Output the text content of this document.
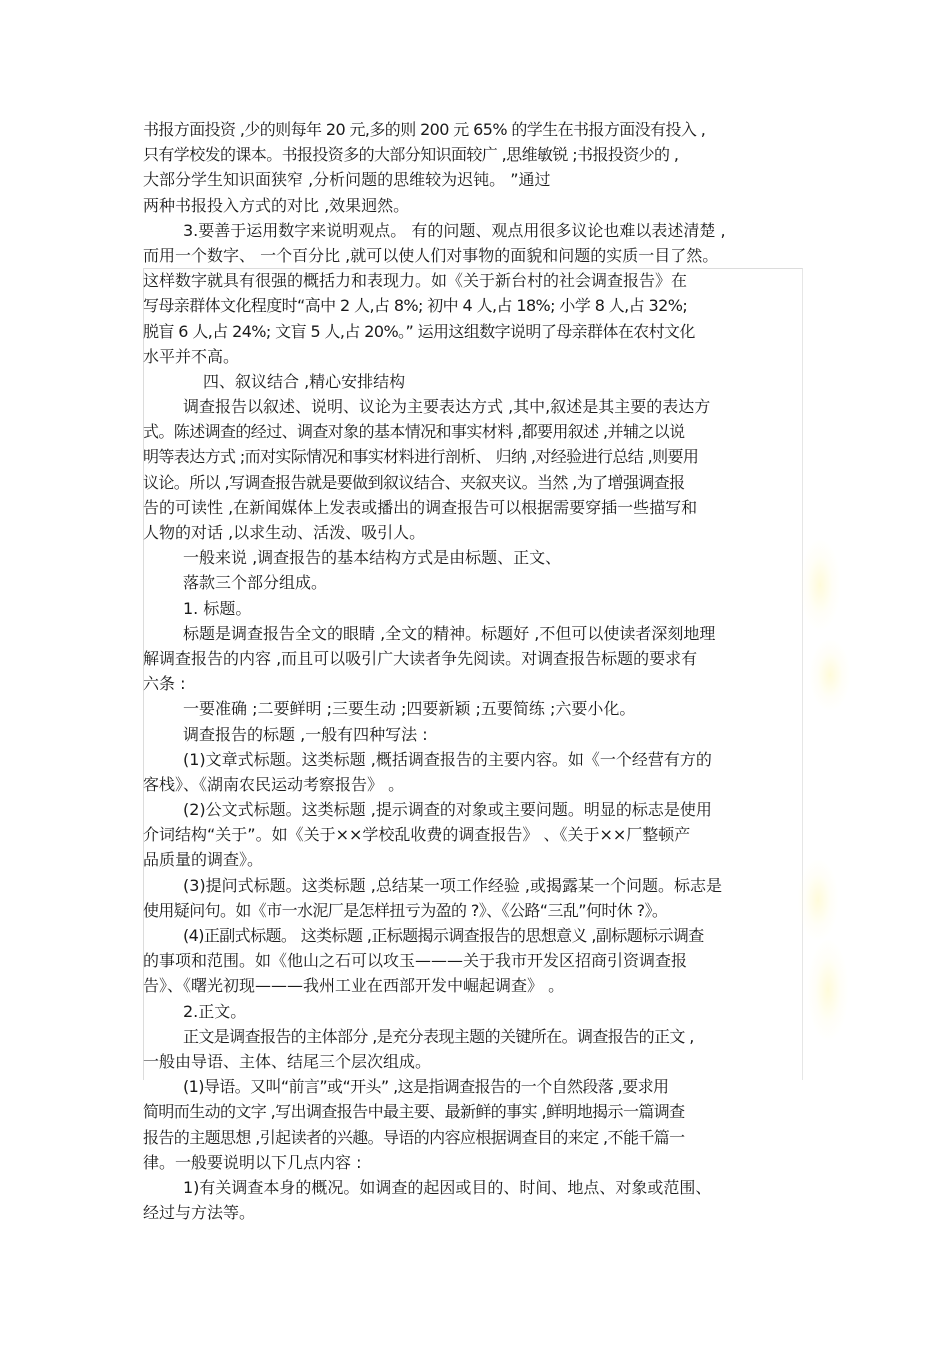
书报方面投资 ,少的则每年 20 元,多的则 200 元 65% 的学生在书报方面没有投入 ,
只有学校发的课本。书报投资多的大部分知识面较广 ,思维敏锐 ;书报投资少的 ,
大部分学生知识面狭窄 ,分析问题的思维较为迟钝。 ”通过
两种书报投入方式的对比 ,效果迥然。
3.要善于运用数字来说明观点。 有的问题、观点用很多议论也难以表述清楚 ,
而用一个数字、 一个百分比 ,就可以使人们对事物的面貌和问题的实质一目了然。
这样数字就具有很强的概括力和表现力。如《关于新台村的社会调查报告》在
写母亲群体文化程度时“高中 2 人,占 8%; 初中 4 人,占 18%; 小学 8 人,占 32%;
脱盲 6 人,占 24%; 文盲 5 人,占 20%。” 运用这组数字说明了母亲群体在农村文化
水平并不高。
四、叙议结合 ,精心安排结构
调查报告以叙述、说明、议论为主要表达方式 ,其中,叙述是其主要的表达方
式。陈述调查的经过、调查对象的基本情况和事实材料 ,都要用叙述 ,并辅之以说
明等表达方式 ;而对实际情况和事实材料进行剖析、 归纳 ,对经验进行总结 ,则要用
议论。所以 ,写调查报告就是要做到叙议结合、夹叙夹议。当然 ,为了增强调查报
告的可读性 ,在新闻媒体上发表或播出的调查报告可以根据需要穿插一些描写和
人物的对话 ,以求生动、活泼、吸引人。
一般来说 ,调查报告的基本结构方式是由标题、正文、
落款三个部分组成。
1. 标题。
标题是调查报告全文的眼睛 ,全文的精神。标题好 ,不但可以使读者深刻地理
解调查报告的内容 ,而且可以吸引广大读者争先阅读。对调查报告标题的要求有
六条 :
一要准确 ;二要鲜明 ;三要生动 ;四要新颖 ;五要简练 ;六要小化。
调查报告的标题 ,一般有四种写法 :
(1)文章式标题。这类标题 ,概括调查报告的主要内容。如《一个经营有方的
客栈》、《湖南农民运动考察报告》 。
(2)公文式标题。这类标题 ,提示调查的对象或主要问题。明显的标志是使用
介词结构“关于”。如《关于××学校乱收费的调查报告》 、《关于××厂整顿产
品质量的调查》。
(3)提问式标题。这类标题 ,总结某一项工作经验 ,或揭露某一个问题。标志是
使用疑问句。如《市一水泥厂是怎样扭亏为盈的 ?》、《公路“三乱”何时休 ?》。
(4)正副式标题。 这类标题 ,正标题揭示调查报告的思想意义 ,副标题标示调查
的事项和范围。如《他山之石可以攻玉———关于我市开发区招商引资调查报
告》、《曙光初现———我州工业在西部开发中崛起调查》 。
2.正文。
正文是调查报告的主体部分 ,是充分表现主题的关键所在。调查报告的正文 ,
一般由导语、主体、结尾三个层次组成。
(1)导语。又叫“前言”或“开头” ,这是指调查报告的一个自然段落 ,要求用
简明而生动的文字 ,写出调查报告中最主要、最新鲜的事实 ,鲜明地揭示一篇调查
报告的主题思想 ,引起读者的兴趣。导语的内容应根据调查目的来定 ,不能千篇一
律。一般要说明以下几点内容 :
1)有关调查本身的概况。如调查的起因或目的、时间、地点、对象或范围、
经过与方法等。
